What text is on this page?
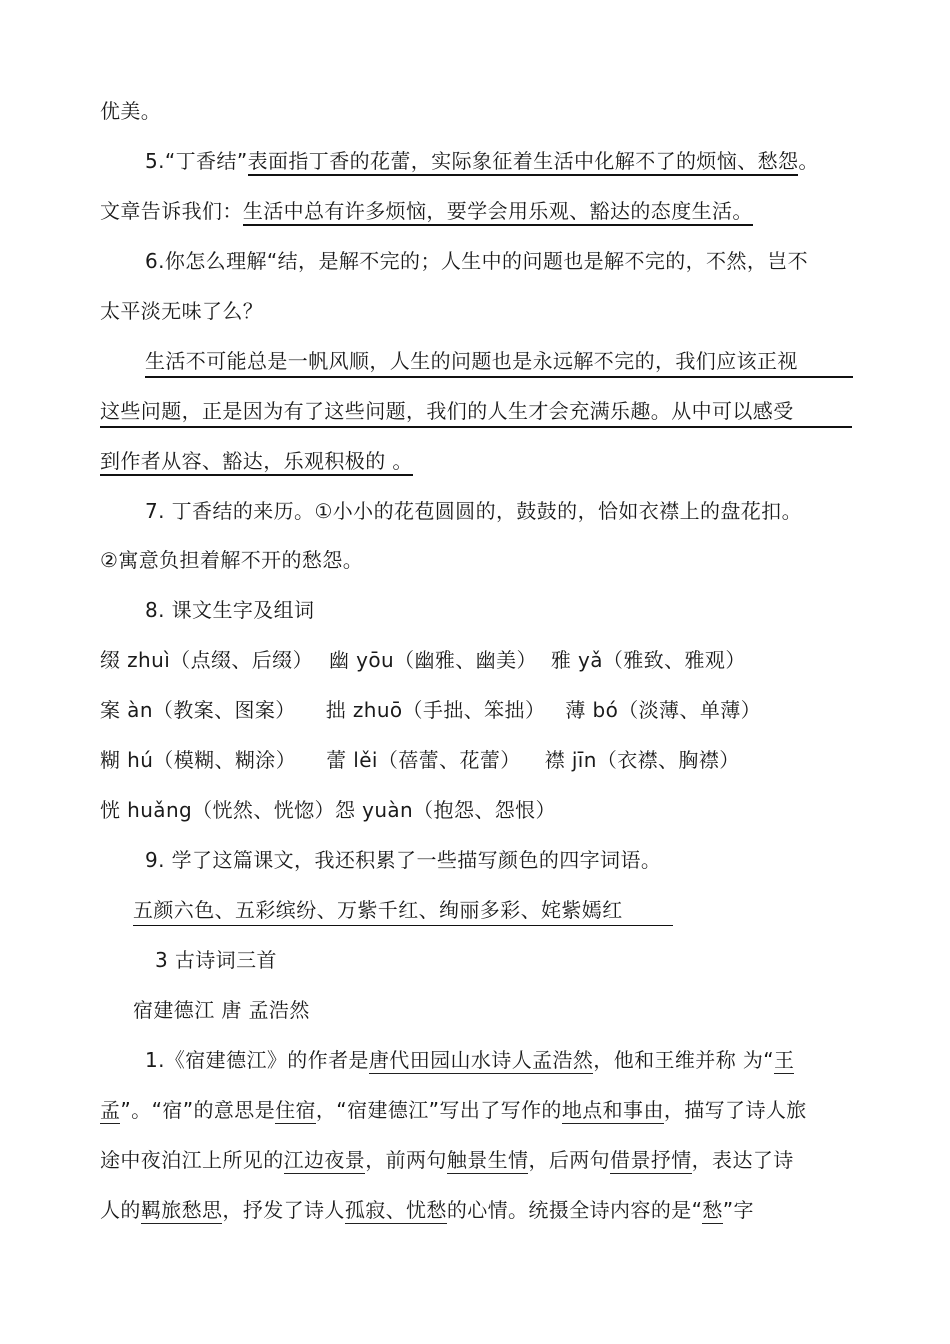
优美。
5.“丁香结”表面指丁香的花蕾，实际象征着生活中化解不了的烦恼、愁怨。
文章告诉我们：生活中总有许多烦恼，要学会用乐观、豁达的态度生活。
6.你怎么理解“结，是解不完的；人生中的问题也是解不完的，不然，岂不
太平淡无味了么？
生活不可能总是一帆风顺，人生的问题也是永远解不完的，我们应该正视
这些问题，正是因为有了这些问题，我们的人生才会充满乐趣。从中可以感受
到作者从容、豁达，乐观积极的 。
7. 丁香结的来历。①小小的花苞圆圆的，鼓鼓的，恰如衣襟上的盘花扣。
②寓意负担着解不开的愁怨。
8. 课文生字及组词
缀 zhuì（点缀、后缀） 幽 yōu（幽雅、幽美） 雅 yǎ（雅致、雅观）
案 àn（教案、图案） 拙 zhuō（手拙、笨拙） 薄 bó（淡薄、单薄）
糊 hú（模糊、糊涂） 蕾 lěi（蓓蕾、花蕾） 襟 jīn（衣襟、胸襟）
恍 huǎng（恍然、恍惚）怨 yuàn（抱怨、怨恨）
9. 学了这篇课文，我还积累了一些描写颜色的四字词语。
五颜六色、五彩缤纷、万紫千红、绚丽多彩、姹紫嫣红
3 古诗词三首
宿建德江 唐 孟浩然
1.《宿建德江》的作者是唐代田园山水诗人孟浩然，他和王维并称 为“王
孟”。“宿”的意思是住宿，“宿建德江”写出了写作的地点和事由，描写了诗人旅
途中夜泊江上所见的江边夜景，前两句触景生情，后两句借景抒情，表达了诗
人的羁旅愁思，抒发了诗人孤寂、忧愁的心情。统摄全诗内容的是“愁”字
